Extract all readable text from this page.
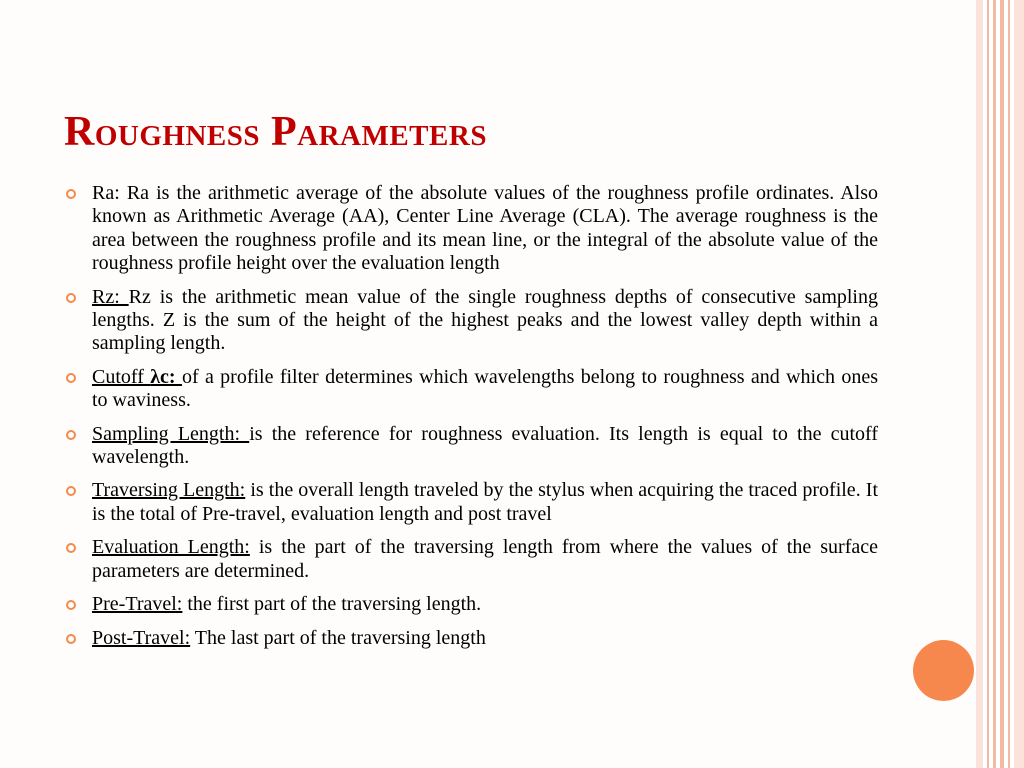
Roughness Parameters
Ra: Ra is the arithmetic average of the absolute values of the roughness profile ordinates. Also known as Arithmetic Average (AA), Center Line Average (CLA). The average roughness is the area between the roughness profile and its mean line, or the integral of the absolute value of the roughness profile height over the evaluation length
Rz: Rz is the arithmetic mean value of the single roughness depths of consecutive sampling lengths. Z is the sum of the height of the highest peaks and the lowest valley depth within a sampling length.
Cutoff λc: of a profile filter determines which wavelengths belong to roughness and which ones to waviness.
Sampling Length: is the reference for roughness evaluation. Its length is equal to the cutoff wavelength.
Traversing Length: is the overall length traveled by the stylus when acquiring the traced profile. It is the total of Pre-travel, evaluation length and post travel
Evaluation Length: is the part of the traversing length from where the values of the surface parameters are determined.
Pre-Travel: the first part of the traversing length.
Post-Travel: The last part of the traversing length
